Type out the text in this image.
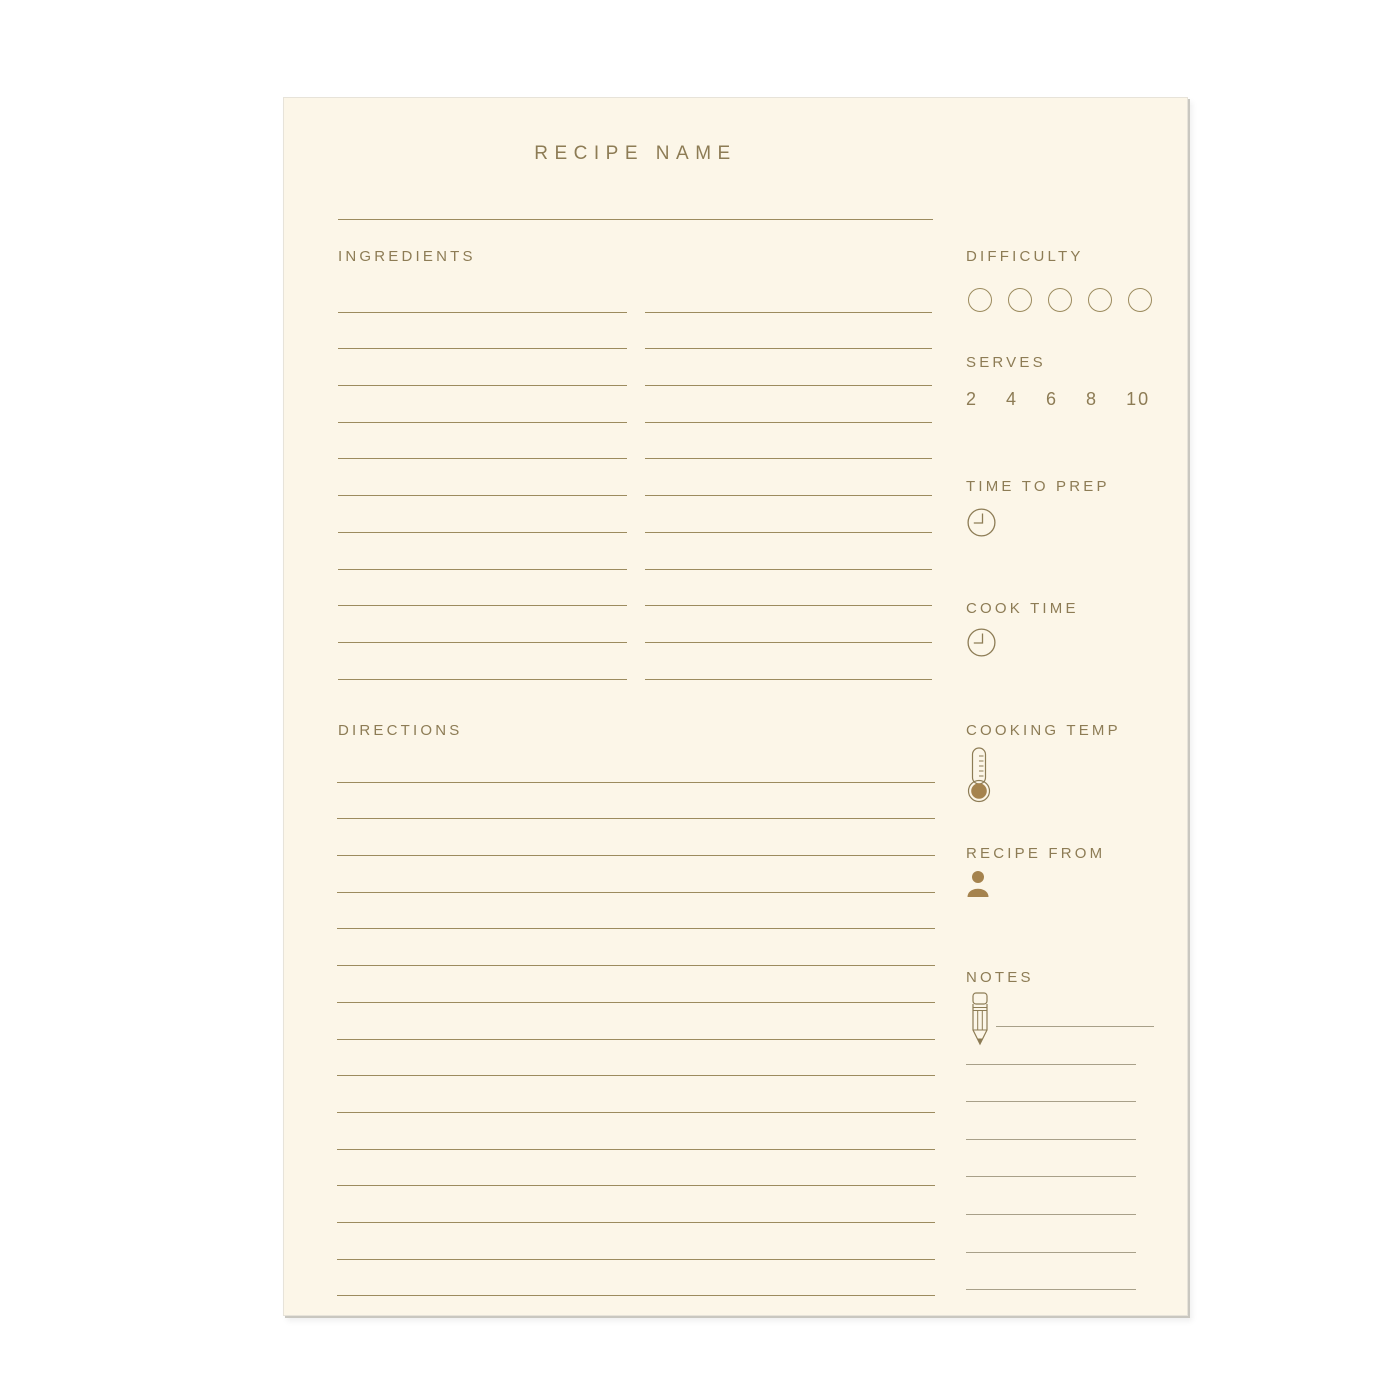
RECIPE NAME
INGREDIENTS
DIRECTIONS
DIFFICULTY
SERVES
2 4 6 8 10
TIME TO PREP
COOK TIME
COOKING TEMP
RECIPE FROM
NOTES
